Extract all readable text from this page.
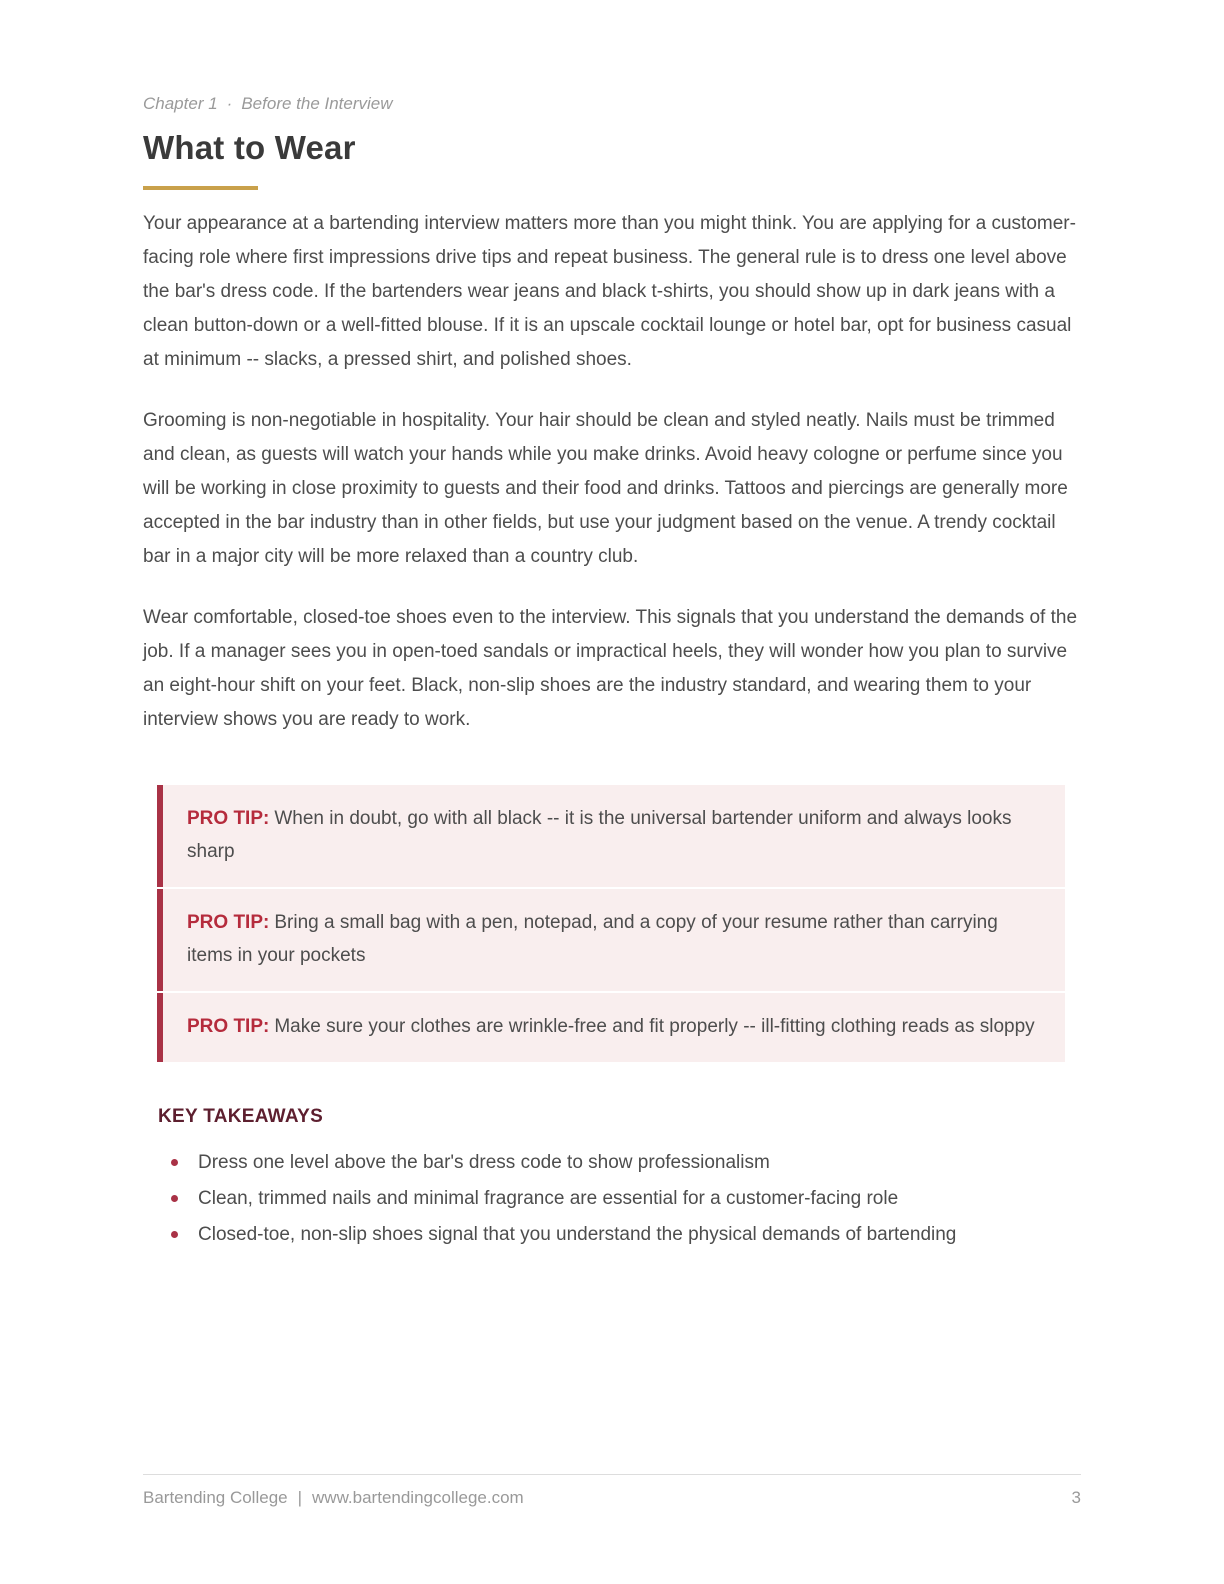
Chapter 1 · Before the Interview
What to Wear

Your appearance at a bartending interview matters more than you might think. You are applying for a customer-facing role where first impressions drive tips and repeat business. The general rule is to dress one level above the bar's dress code. If the bartenders wear jeans and black t-shirts, you should show up in dark jeans with a clean button-down or a well-fitted blouse. If it is an upscale cocktail lounge or hotel bar, opt for business casual at minimum -- slacks, a pressed shirt, and polished shoes.

Grooming is non-negotiable in hospitality. Your hair should be clean and styled neatly. Nails must be trimmed and clean, as guests will watch your hands while you make drinks. Avoid heavy cologne or perfume since you will be working in close proximity to guests and their food and drinks. Tattoos and piercings are generally more accepted in the bar industry than in other fields, but use your judgment based on the venue. A trendy cocktail bar in a major city will be more relaxed than a country club.

Wear comfortable, closed-toe shoes even to the interview. This signals that you understand the demands of the job. If a manager sees you in open-toed sandals or impractical heels, they will wonder how you plan to survive an eight-hour shift on your feet. Black, non-slip shoes are the industry standard, and wearing them to your interview shows you are ready to work.

PRO TIP: When in doubt, go with all black -- it is the universal bartender uniform and always looks sharp
PRO TIP: Bring a small bag with a pen, notepad, and a copy of your resume rather than carrying items in your pockets
PRO TIP: Make sure your clothes are wrinkle-free and fit properly -- ill-fitting clothing reads as sloppy
KEY TAKEAWAYS
Dress one level above the bar's dress code to show professionalism
Clean, trimmed nails and minimal fragrance are essential for a customer-facing role
Closed-toe, non-slip shoes signal that you understand the physical demands of bartending
Bartending College | www.bartendingcollege.com	3
